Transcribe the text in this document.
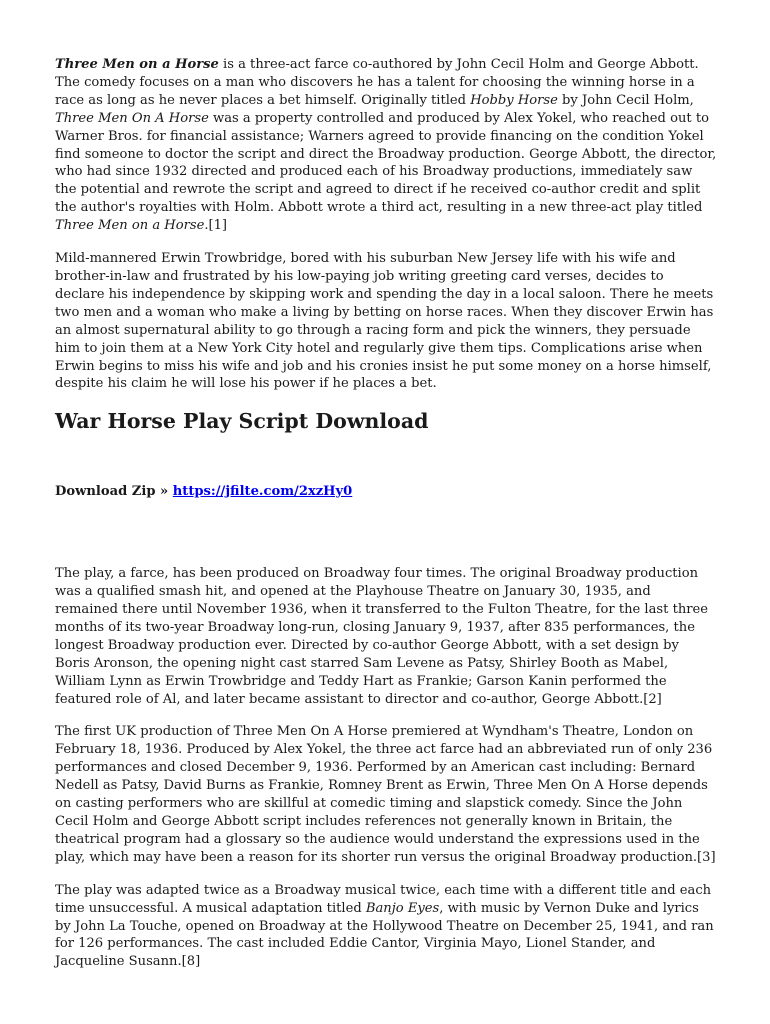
Three Men on a Horse is a three-act farce co-authored by John Cecil Holm and George Abbott. The comedy focuses on a man who discovers he has a talent for choosing the winning horse in a race as long as he never places a bet himself. Originally titled Hobby Horse by John Cecil Holm, Three Men On A Horse was a property controlled and produced by Alex Yokel, who reached out to Warner Bros. for financial assistance; Warners agreed to provide financing on the condition Yokel find someone to doctor the script and direct the Broadway production. George Abbott, the director, who had since 1932 directed and produced each of his Broadway productions, immediately saw the potential and rewrote the script and agreed to direct if he received co-author credit and split the author's royalties with Holm. Abbott wrote a third act, resulting in a new three-act play titled Three Men on a Horse.[1]

Mild-mannered Erwin Trowbridge, bored with his suburban New Jersey life with his wife and brother-in-law and frustrated by his low-paying job writing greeting card verses, decides to declare his independence by skipping work and spending the day in a local saloon. There he meets two men and a woman who make a living by betting on horse races. When they discover Erwin has an almost supernatural ability to go through a racing form and pick the winners, they persuade him to join them at a New York City hotel and regularly give them tips. Complications arise when Erwin begins to miss his wife and job and his cronies insist he put some money on a horse himself, despite his claim he will lose his power if he places a bet.

War Horse Play Script Download
Download Zip » https://jfilte.com/2xzHy0

The play, a farce, has been produced on Broadway four times. The original Broadway production was a qualified smash hit, and opened at the Playhouse Theatre on January 30, 1935, and remained there until November 1936, when it transferred to the Fulton Theatre, for the last three months of its two-year Broadway long-run, closing January 9, 1937, after 835 performances, the longest Broadway production ever. Directed by co-author George Abbott, with a set design by Boris Aronson, the opening night cast starred Sam Levene as Patsy, Shirley Booth as Mabel, William Lynn as Erwin Trowbridge and Teddy Hart as Frankie; Garson Kanin performed the featured role of Al, and later became assistant to director and co-author, George Abbott.[2]

The first UK production of Three Men On A Horse premiered at Wyndham's Theatre, London on February 18, 1936. Produced by Alex Yokel, the three act farce had an abbreviated run of only 236 performances and closed December 9, 1936. Performed by an American cast including: Bernard Nedell as Patsy, David Burns as Frankie, Romney Brent as Erwin, Three Men On A Horse depends on casting performers who are skillful at comedic timing and slapstick comedy. Since the John Cecil Holm and George Abbott script includes references not generally known in Britain, the theatrical program had a glossary so the audience would understand the expressions used in the play, which may have been a reason for its shorter run versus the original Broadway production.[3]

The play was adapted twice as a Broadway musical twice, each time with a different title and each time unsuccessful. A musical adaptation titled Banjo Eyes, with music by Vernon Duke and lyrics by John La Touche, opened on Broadway at the Hollywood Theatre on December 25, 1941, and ran for 126 performances. The cast included Eddie Cantor, Virginia Mayo, Lionel Stander, and Jacqueline Susann.[8]
